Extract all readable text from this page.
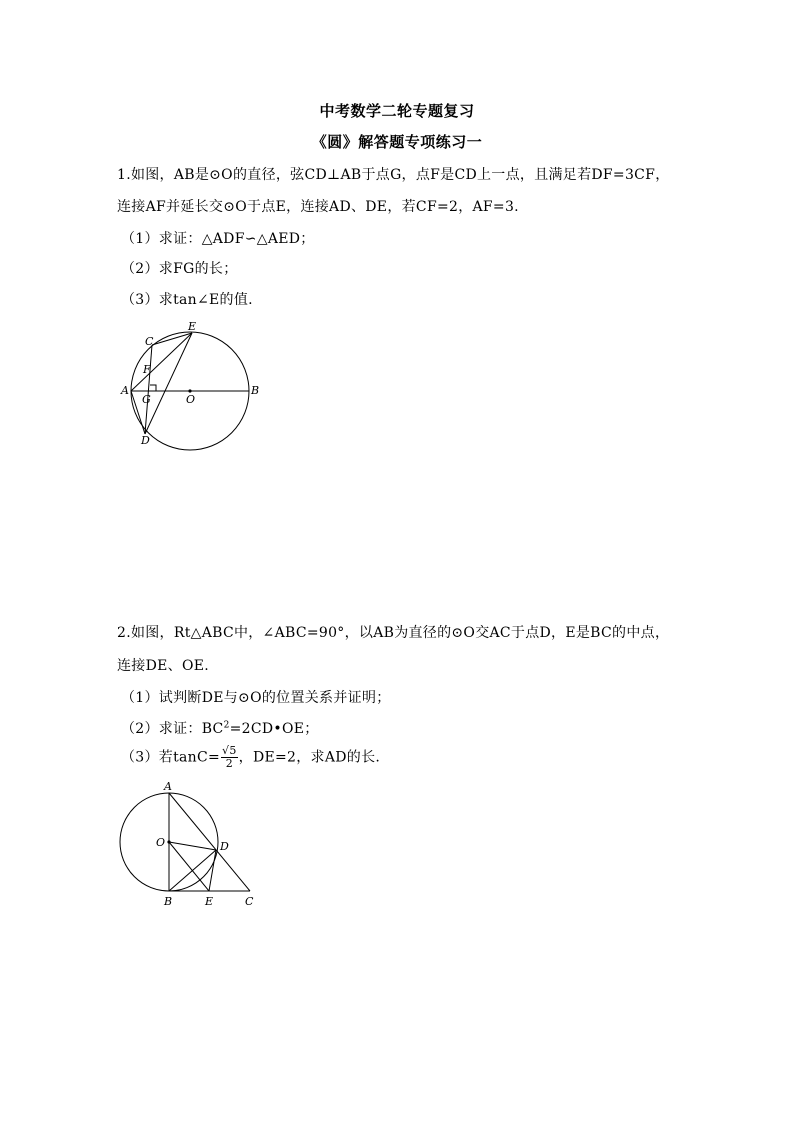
中考数学二轮专题复习
《圆》解答题专项练习一
1.如图，AB是⊙O的直径，弦CD⊥AB于点G，点F是CD上一点，且满足若DF=3CF，
连接AF并延长交⊙O于点E，连接AD、DE，若CF=2，AF=3.
（1）求证：△ADF∽△AED；
（2）求FG的长；
（3）求tan∠E的值.
C
E
F
A
G	O
B
D
2.如图，Rt△ABC中，∠ABC=90°，以AB为直径的⊙O交AC于点D，E是BC的中点，
连接DE、OE.
（1）试判断DE与⊙O的位置关系并证明；
（2）求证：$BC^2=2CD•OE$；
（3）若$\tan C= \frac{√5}{2}$ ，DE=2，求AD的长.
A
O	D
B	E	C
